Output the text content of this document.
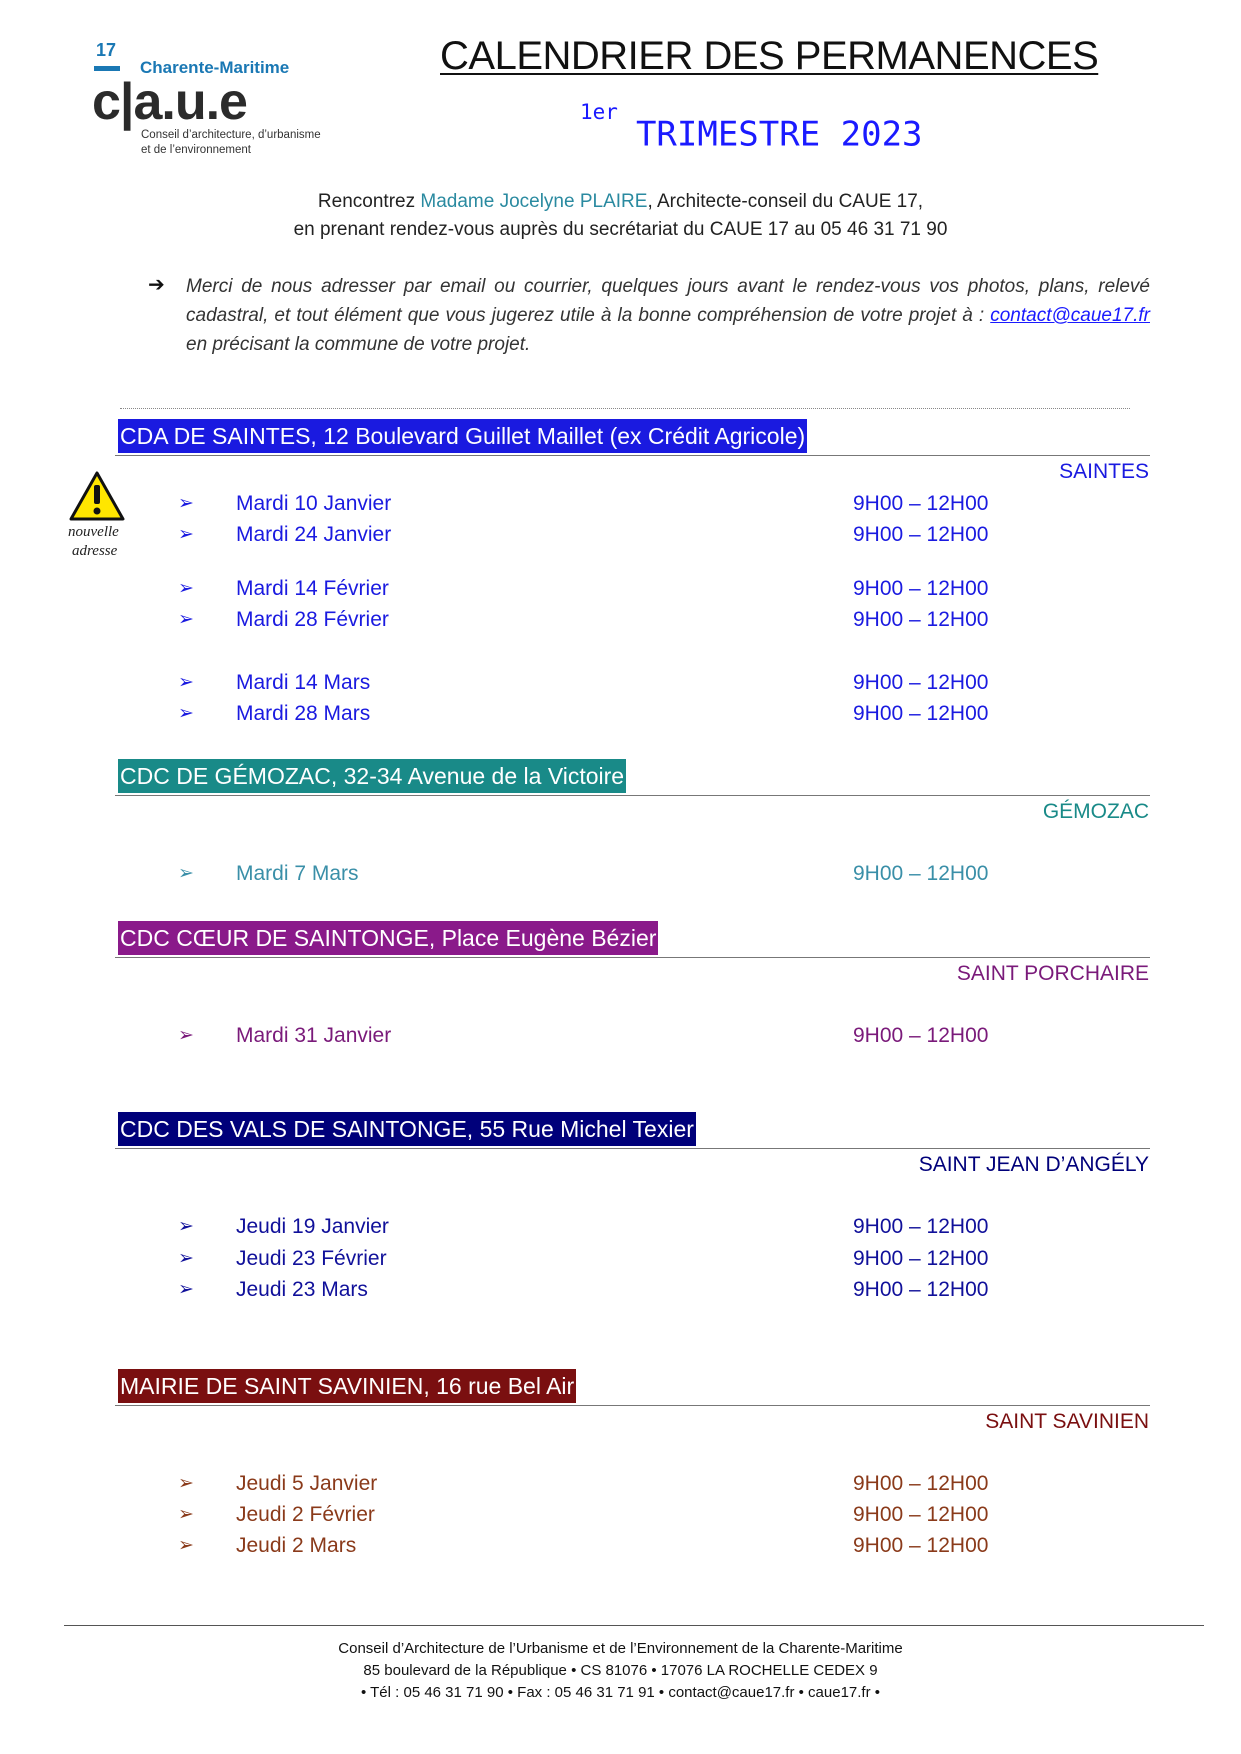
17
Charente-Maritime
c|a.u.e
Conseil d’architecture, d’urbanisme
et de l’environnement
CALENDRIER DES PERMANENCES
$^{1er}$TRIMESTRE 2023
Rencontrez Madame Jocelyne PLAIRE, Architecte-conseil du CAUE 17,
en prenant rendez-vous auprès du secrétariat du CAUE 17 au 05 46 31 71 90
➔ Merci de nous adresser par email ou courrier, quelques jours avant le rendez-vous vos photos, plans, relevé cadastral, et tout élément que vous jugerez utile à la bonne compréhension de votre projet à : contact@caue17.fr en précisant la commune de votre projet.
nouvelle
adresse
CDA DE SAINTES, 12 Boulevard Guillet Maillet (ex Crédit Agricole)
SAINTES
➢ Mardi 10 Janvier	9H00 – 12H00
➢ Mardi 24 Janvier	9H00 – 12H00
➢ Mardi 14 Février	9H00 – 12H00
➢ Mardi 28 Février	9H00 – 12H00
➢ Mardi 14 Mars	9H00 – 12H00
➢ Mardi 28 Mars	9H00 – 12H00
CDC DE GÉMOZAC, 32-34 Avenue de la Victoire
GÉMOZAC
➢ Mardi 7 Mars	9H00 – 12H00
CDC CŒUR DE SAINTONGE, Place Eugène Bézier
SAINT PORCHAIRE
➢ Mardi 31 Janvier	9H00 – 12H00
CDC DES VALS DE SAINTONGE, 55 Rue Michel Texier
SAINT JEAN D’ANGÉLY
➢ Jeudi 19 Janvier	9H00 – 12H00
➢ Jeudi 23 Février	9H00 – 12H00
➢ Jeudi 23 Mars	9H00 – 12H00
MAIRIE DE SAINT SAVINIEN, 16 rue Bel Air
SAINT SAVINIEN
➢ Jeudi 5 Janvier	9H00 – 12H00
➢ Jeudi 2 Février	9H00 – 12H00
➢ Jeudi 2 Mars	9H00 – 12H00
Conseil d’Architecture de l’Urbanisme et de l’Environnement de la Charente-Maritime
85 boulevard de la République • CS 81076 • 17076 LA ROCHELLE CEDEX 9
• Tél : 05 46 31 71 90 • Fax : 05 46 31 71 91 • contact@caue17.fr • caue17.fr •
